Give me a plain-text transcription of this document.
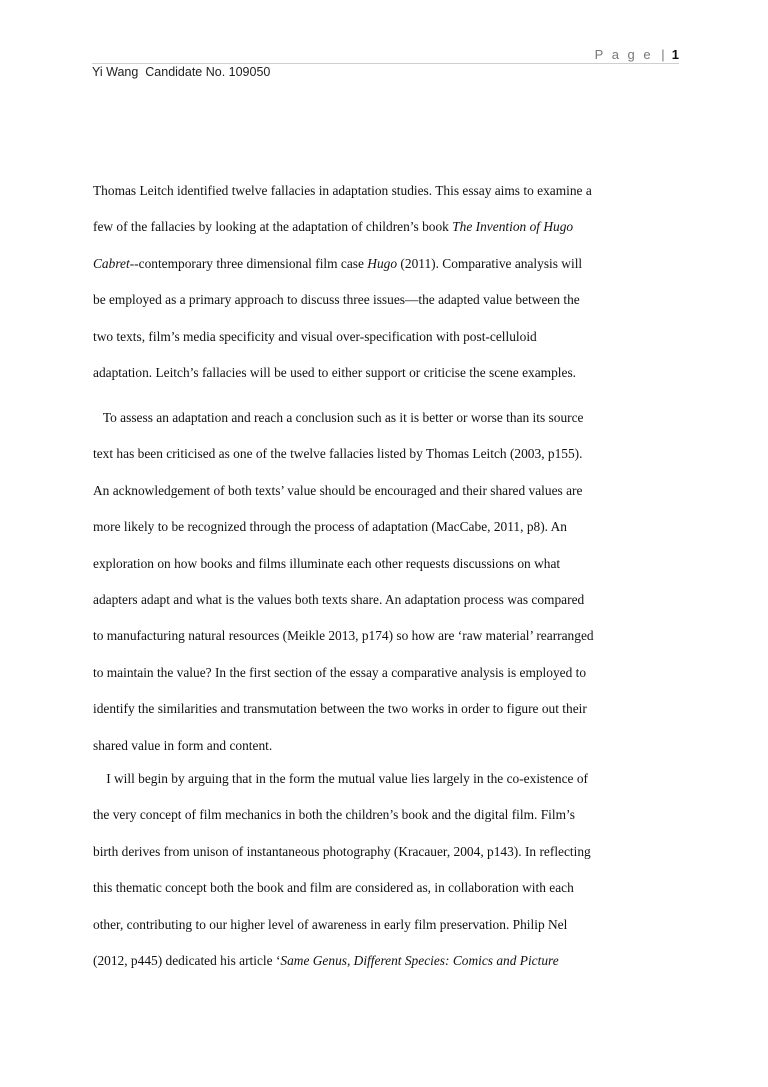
P a g e | 1
Yi Wang  Candidate No. 109050
Thomas Leitch identified twelve fallacies in adaptation studies. This essay aims to examine a
few of the fallacies by looking at the adaptation of children’s book The Invention of Hugo
Cabret--contemporary three dimensional film case Hugo (2011). Comparative analysis will
be employed as a primary approach to discuss three issues—the adapted value between the
two texts, film’s media specificity and visual over-specification with post-celluloid
adaptation. Leitch’s fallacies will be used to either support or criticise the scene examples.
To assess an adaptation and reach a conclusion such as it is better or worse than its source
text has been criticised as one of the twelve fallacies listed by Thomas Leitch (2003, p155).
An acknowledgement of both texts’ value should be encouraged and their shared values are
more likely to be recognized through the process of adaptation (MacCabe, 2011, p8). An
exploration on how books and films illuminate each other requests discussions on what
adapters adapt and what is the values both texts share. An adaptation process was compared
to manufacturing natural resources (Meikle 2013, p174) so how are ‘raw material’ rearranged
to maintain the value? In the first section of the essay a comparative analysis is employed to
identify the similarities and transmutation between the two works in order to figure out their
shared value in form and content.
I will begin by arguing that in the form the mutual value lies largely in the co-existence of
the very concept of film mechanics in both the children’s book and the digital film. Film’s
birth derives from unison of instantaneous photography (Kracauer, 2004, p143). In reflecting
this thematic concept both the book and film are considered as, in collaboration with each
other, contributing to our higher level of awareness in early film preservation. Philip Nel
(2012, p445) dedicated his article ‘Same Genus, Different Species: Comics and Picture
